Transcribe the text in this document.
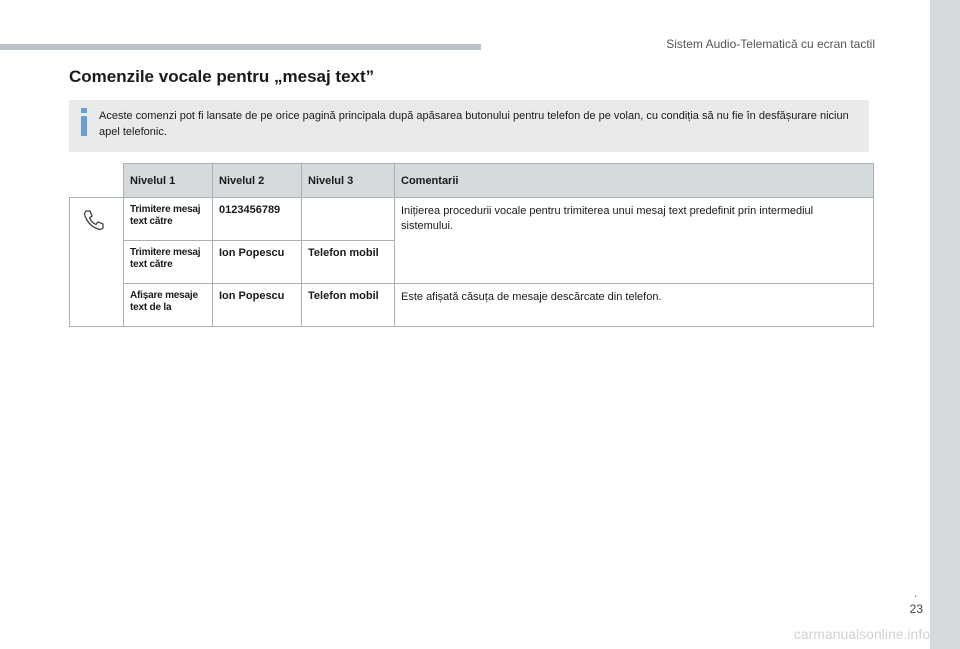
Sistem Audio-Telematică cu ecran tactil
Comenzile vocale pentru „mesaj text”
Aceste comenzi pot fi lansate de pe orice pagină principala după apăsarea butonului pentru telefon de pe volan, cu condiția să nu fie în desfășurare niciun apel telefonic.
	Nivelul 1	Nivelul 2	Nivelul 3	Comentarii
	Trimitere mesaj text către	0123456789		Inițierea procedurii vocale pentru trimiterea unui mesaj text predefinit prin intermediul sistemului.
	Trimitere mesaj text către	Ion Popescu	Telefon mobil	
	Afișare mesaje text de la	Ion Popescu	Telefon mobil	Este afișată căsuța de mesaje descărcate din telefon.
.
23
carmanualsonline.info
